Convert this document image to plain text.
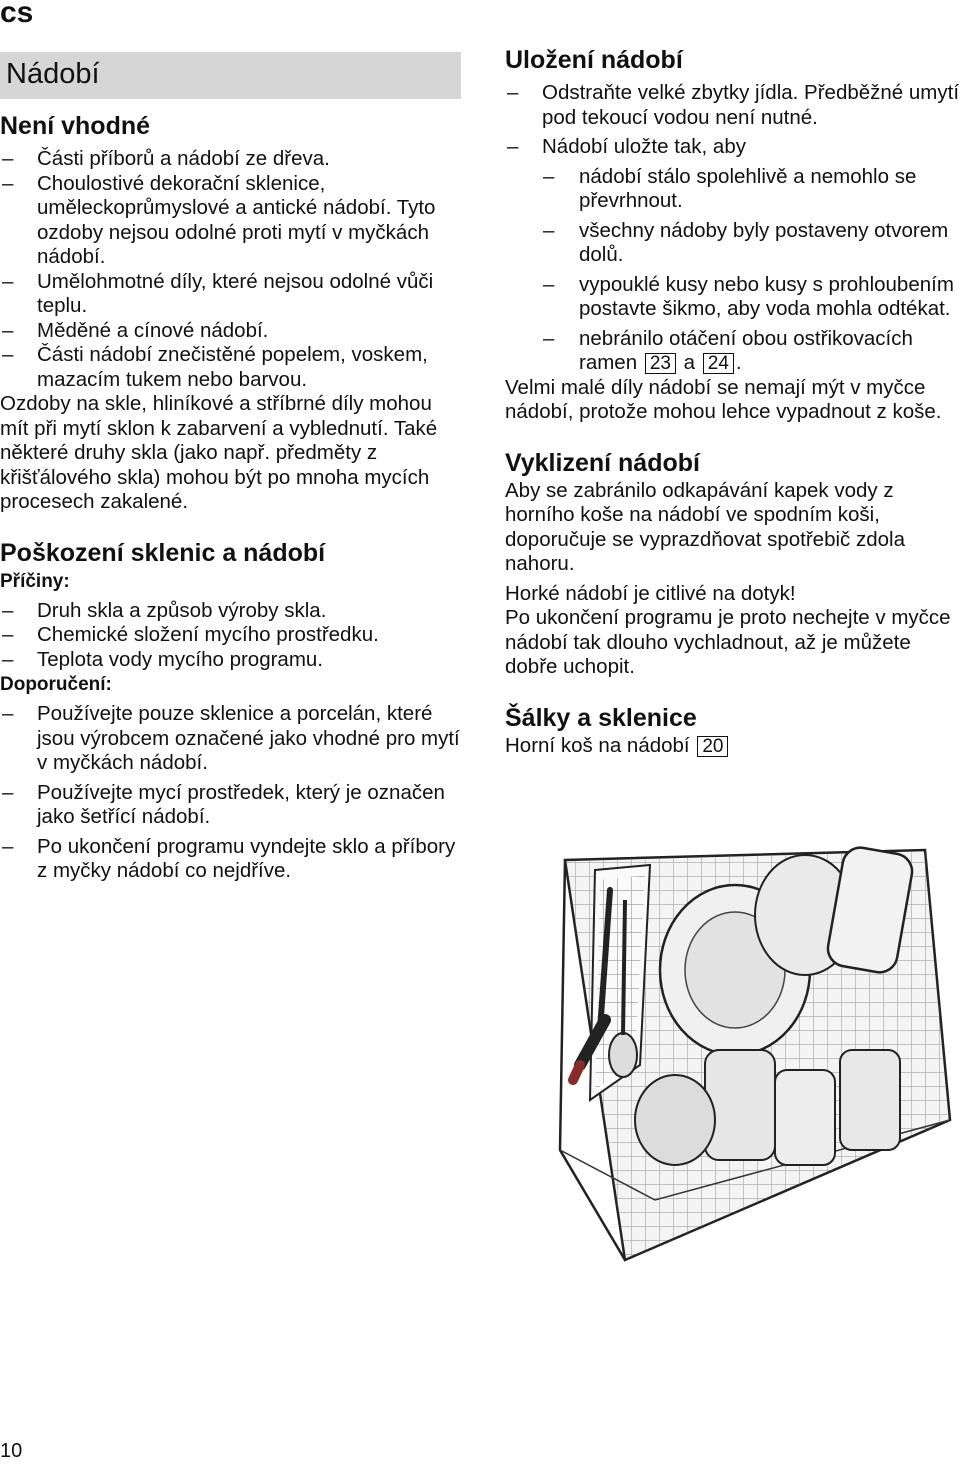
cs
Nádobí
Není vhodné
– Části příborů a nádobí ze dřeva.
– Choulostivé dekorační sklenice, uměleckoprůmyslové a antické nádobí. Tyto ozdoby nejsou odolné proti mytí v myčkách nádobí.
– Umělohmotné díly, které nejsou odolné vůči teplu.
– Měděné a cínové nádobí.
– Části nádobí znečistěné popelem, voskem, mazacím tukem nebo barvou.

Ozdoby na skle, hliníkové a stříbrné díly mohou mít při mytí sklon k zabarvení a vyblednutí. Také některé druhy skla (jako např. předměty z křišťálového skla) mohou být po mnoha mycích procesech zakalené.

Poškození sklenic a nádobí
Příčiny:
– Druh skla a způsob výroby skla.
– Chemické složení mycího prostředku.
– Teplota vody mycího programu.
Doporučení:
– Používejte pouze sklenice a porcelán, které jsou výrobcem označené jako vhodné pro mytí v myčkách nádobí.
– Používejte mycí prostředek, který je označen jako šetřící nádobí.
– Po ukončení programu vyndejte sklo a příbory z myčky nádobí co nejdříve.
Uložení nádobí
– Odstraňte velké zbytky jídla. Předběžné umytí pod tekoucí vodou není nutné.
– Nádobí uložte tak, aby
– nádobí stálo spolehlivě a nemohlo se převrhnout.
– všechny nádoby byly postaveny otvorem dolů.
– vypouklé kusy nebo kusy s prohloubením postavte šikmo, aby voda mohla odtékat.
– nebránilo otáčení obou ostřikovacích ramen 23 a 24 .

Velmi malé díly nádobí se nemají mýt v myčce nádobí, protože mohou lehce vypadnout z koše.

Vyklizení nádobí

Aby se zabránilo odkapávání kapek vody z horního koše na nádobí ve spodním koši, doporučuje se vyprazdňovat spotřebič zdola nahoru.

Horké nádobí je citlivé na dotyk!

Po ukončení programu je proto nechejte v myčce nádobí tak dlouho vychladnout, až je můžete dobře uchopit.

Šálky a sklenice

Horní koš na nádobí 20

10
